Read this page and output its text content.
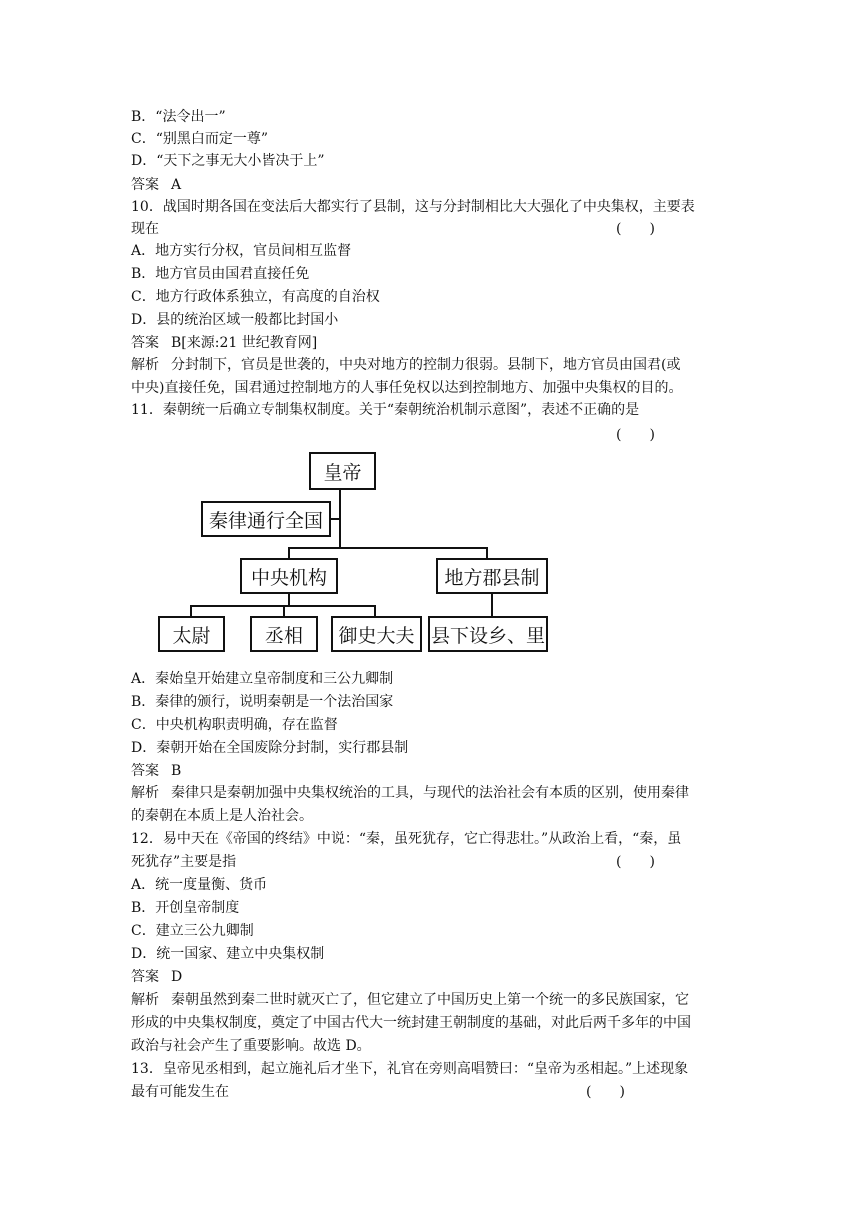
B．“法令出一”
C．“别黑白而定一尊”
D．“天下之事无大小皆决于上”
答案 A
10．战国时期各国在变法后大都实行了县制，这与分封制相比大大强化了中央集权，主要表
现在	(　　)
A．地方实行分权，官员间相互监督
B．地方官员由国君直接任免
C．地方行政体系独立，有高度的自治权
D．县的统治区域一般都比封国小
答案 B[来源:21 世纪教育网]
解析 分封制下，官员是世袭的，中央对地方的控制力很弱。县制下，地方官员由国君(或
中央)直接任免，国君通过控制地方的人事任免权以达到控制地方、加强中央集权的目的。
11．秦朝统一后确立专制集权制度。关于“秦朝统治机制示意图”，表述不正确的是
(　　)
皇帝
秦律通行全国
中央机构	地方郡县制
太尉	丞相	御史大夫 县下设乡、里
A．秦始皇开始建立皇帝制度和三公九卿制
B．秦律的颁行，说明秦朝是一个法治国家
C．中央机构职责明确，存在监督
D．秦朝开始在全国废除分封制，实行郡县制
答案 B
解析 秦律只是秦朝加强中央集权统治的工具，与现代的法治社会有本质的区别，使用秦律
的秦朝在本质上是人治社会。
12．易中天在《帝国的终结》中说：“秦，虽死犹存，它亡得悲壮。”从政治上看，“秦，虽
死犹存”主要是指	(　　)
A．统一度量衡、货币
B．开创皇帝制度
C．建立三公九卿制
D．统一国家、建立中央集权制
答案 D
解析 秦朝虽然到秦二世时就灭亡了，但它建立了中国历史上第一个统一的多民族国家，它
形成的中央集权制度，奠定了中国古代大一统封建王朝制度的基础，对此后两千多年的中国
政治与社会产生了重要影响。故选 D。
13．皇帝见丞相到，起立施礼后才坐下，礼官在旁则高唱赞曰：“皇帝为丞相起。”上述现象
最有可能发生在	(　　)
